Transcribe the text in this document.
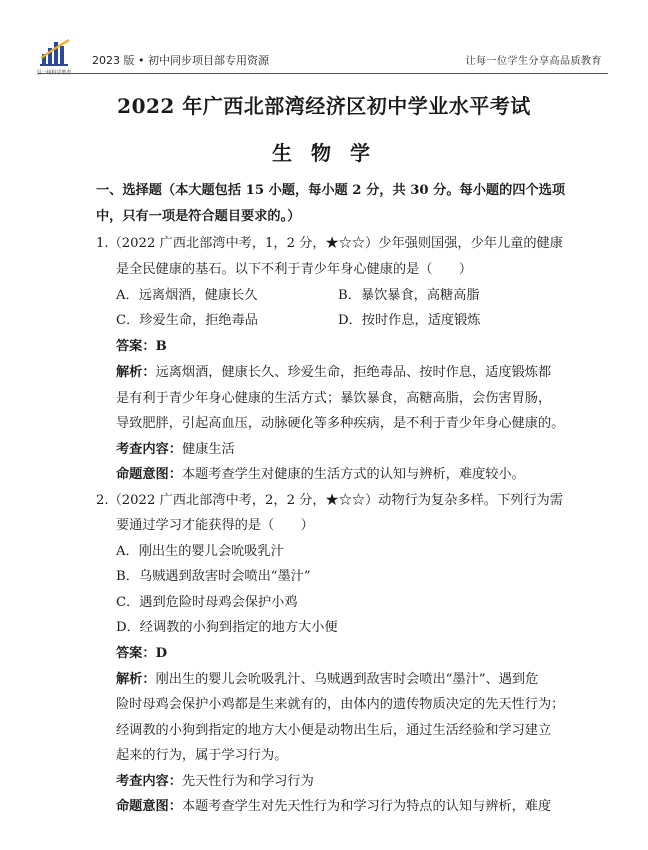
县一线科学教育
2023 版 • 初中同步项目部专用资源	让每一位学生分享高品质教育
2022 年广西北部湾经济区初中学业水平考试
生 物 学
一、选择题（本大题包括 15 小题，每小题 2 分，共 30 分。每小题的四个选项
中，只有一项是符合题目要求的。）
1.（2022 广西北部湾中考，1，2 分，★☆☆）少年强则国强，少年儿童的健康
是全民健康的基石。以下不利于青少年身心健康的是（　　）
A．远离烟酒，健康长久	B．暴饮暴食，高糖高脂
C．珍爱生命，拒绝毒品	D．按时作息，适度锻炼
答案：B
解析：远离烟酒，健康长久、珍爱生命，拒绝毒品、按时作息，适度锻炼都
是有利于青少年身心健康的生活方式；暴饮暴食，高糖高脂，会伤害胃肠，
导致肥胖，引起高血压，动脉硬化等多种疾病，是不利于青少年身心健康的。
考查内容：健康生活
命题意图：本题考查学生对健康的生活方式的认知与辨析，难度较小。
2.（2022 广西北部湾中考，2，2 分，★☆☆）动物行为复杂多样。下列行为需
要通过学习才能获得的是（　　）
A．刚出生的婴儿会吮吸乳汁
B．乌贼遇到敌害时会喷出“墨汁”
C．遇到危险时母鸡会保护小鸡
D．经调教的小狗到指定的地方大小便
答案：D
解析：刚出生的婴儿会吮吸乳汁、乌贼遇到敌害时会喷出“墨汁”、遇到危
险时母鸡会保护小鸡都是生来就有的，由体内的遗传物质决定的先天性行为；
经调教的小狗到指定的地方大小便是动物出生后，通过生活经验和学习建立
起来的行为，属于学习行为。
考查内容：先天性行为和学习行为
命题意图：本题考查学生对先天性行为和学习行为特点的认知与辨析，难度
